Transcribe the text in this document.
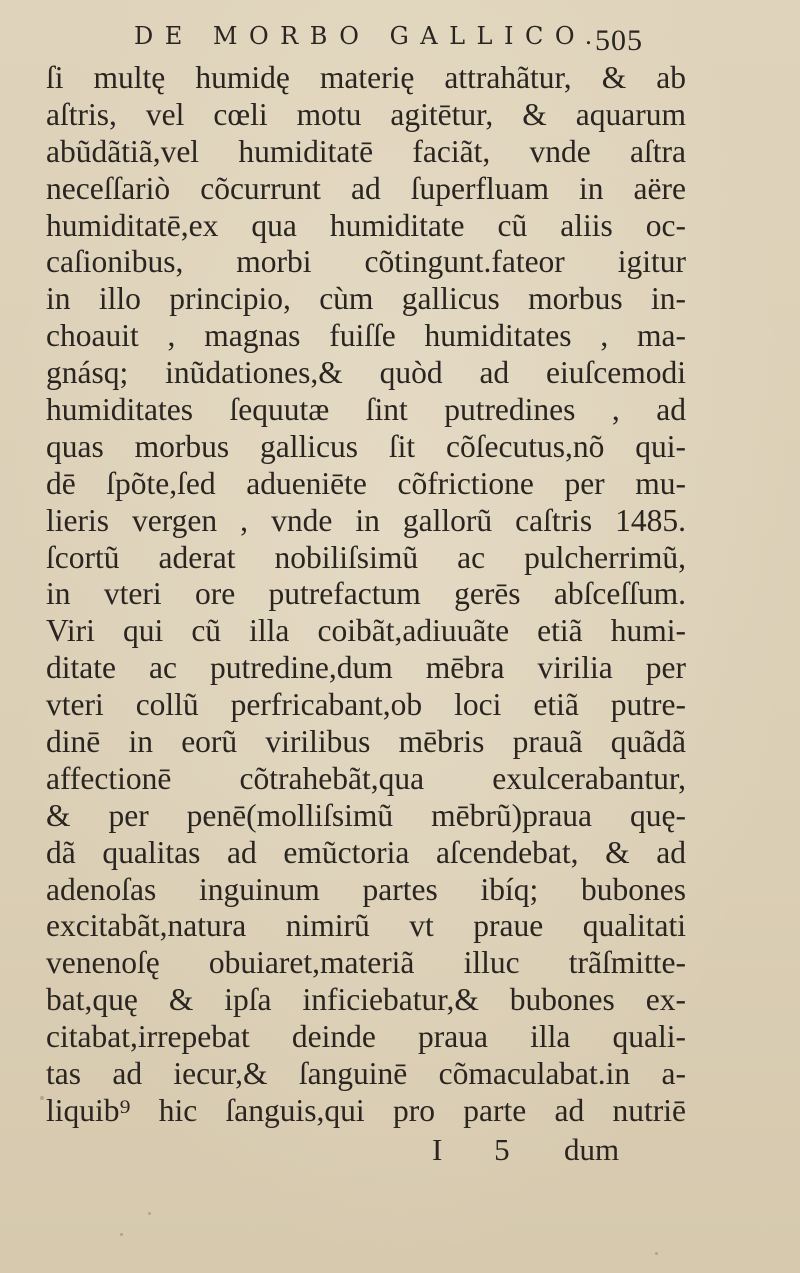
DE MORBO GALLICO.
505
ſi multę humidę materię attrahãtur, & ab
aſtris, vel cœli motu agitētur, & aquarum
abũdãtiã,vel humiditatē faciãt, vnde aſtra
neceſſariò cõcurrunt ad ſuperfluam in aëre
humiditatē,ex qua humiditate cũ aliis oc-
caſionibus, morbi cõtingunt.fateor igitur
in illo principio, cùm gallicus morbus in-
choauit , magnas fuiſſe humiditates , ma-
gnásq; inũdationes,& quòd ad eiuſcemodi
humiditates ſequutæ ſint putredines , ad
quas morbus gallicus ſit cõſecutus,nõ qui-
dē ſpõte,ſed adueniēte cõfrictione per mu-
lieris vergen , vnde in gallorũ caſtris 1485.
ſcortũ aderat nobiliſsimũ ac pulcherrimũ,
in vteri ore putrefactum gerēs abſceſſum.
Viri qui cũ illa coibãt,adiuuãte etiã humi-
ditate ac putredine,dum mēbra virilia per
vteri collũ perfricabant,ob loci etiã putre-
dinē in eorũ virilibus mēbris prauã quãdã
affectionē cõtrahebãt,qua exulcerabantur,
& per penē(molliſsimũ mēbrũ)praua quę-
dã qualitas ad emũctoria aſcendebat, & ad
adenoſas inguinum partes ibíq; bubones
excitabãt,natura nimirũ vt praue qualitati
venenoſę obuiaret,materiã illuc trãſmitte-
bat,quę & ipſa inficiebatur,& bubones ex-
citabat,irrepebat deinde praua illa quali-
tas ad iecur,& ſanguinē cõmaculabat.in a-
liquib⁹ hic ſanguis,qui pro parte ad nutriē
I 5 dum
